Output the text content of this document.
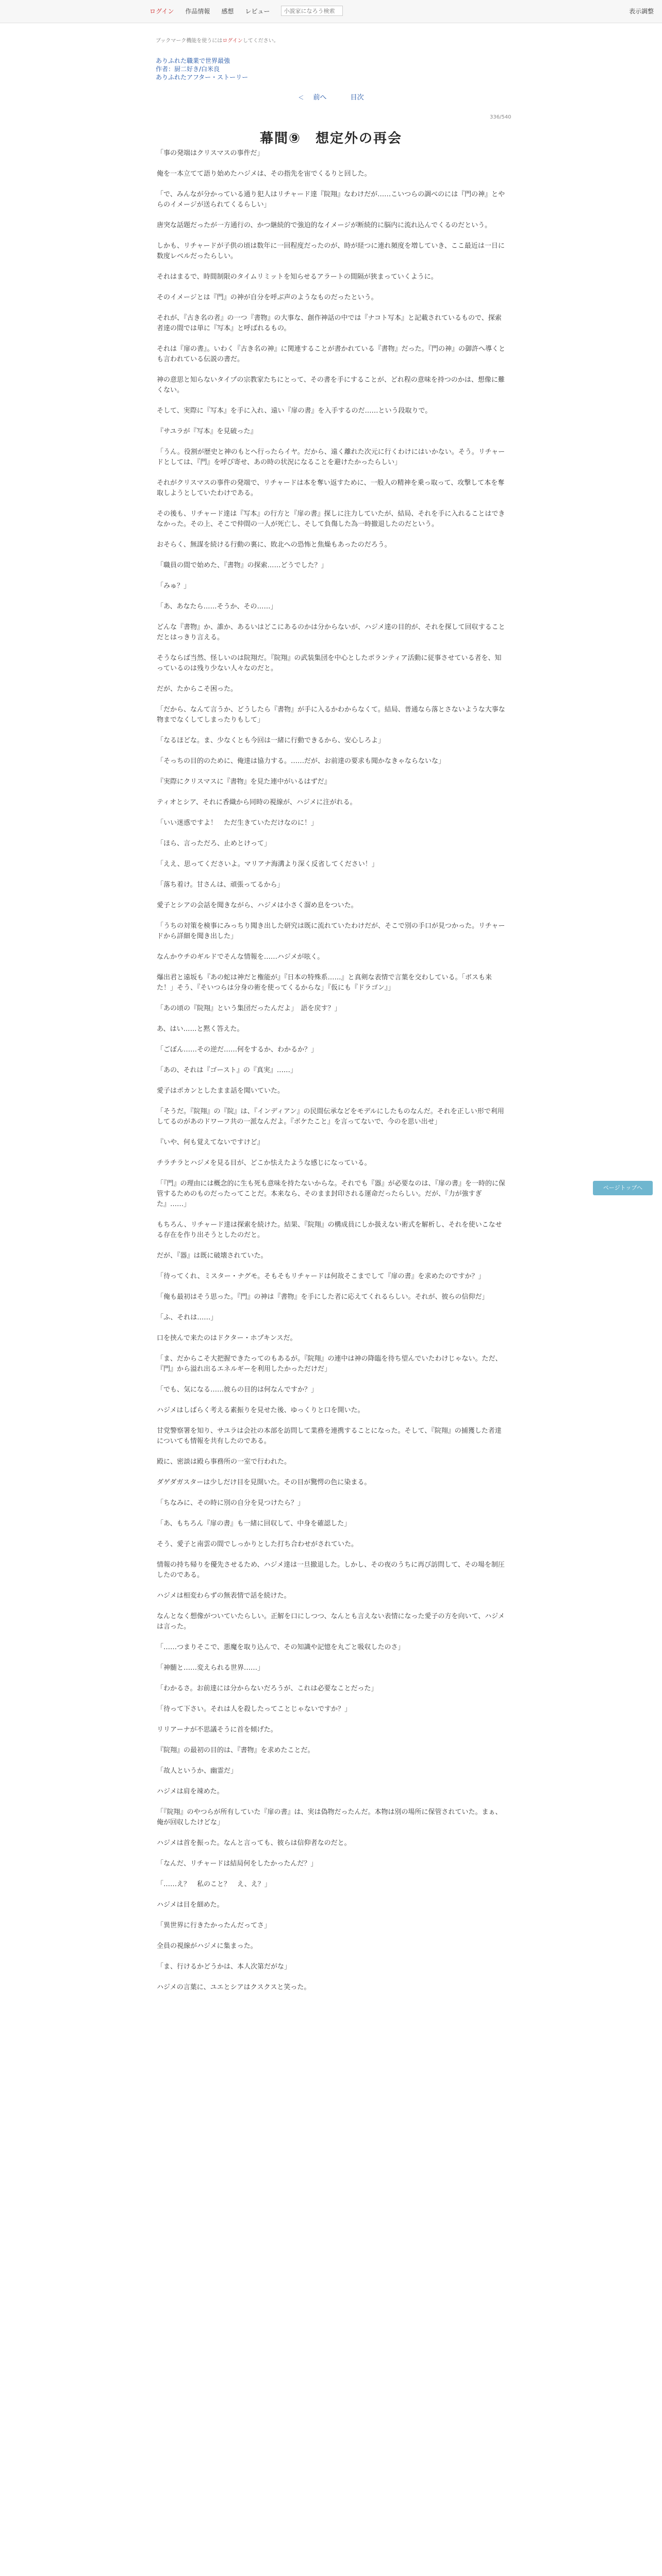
ログイン 作品情報 感想 レビュー
小説家になろう検索	表示調整
ブックマーク機能を使うにはログインしてください。
ありふれた職業で世界最強
作者：厨二好き/白米良
ありふれたアフター・ストーリー
＜ 前へ	目次
336/540
幕間⑨　想定外の再会

「事の発端はクリスマスの事件だ」

俺を一本立てて語り始めたハジメは、その指先を宙でくるりと回した。

「で、みんなが分かっている通り犯人はリチャード達『院翔』なわけだが……こいつらの調べのには『門の神』とやらのイメージが送られてくるらしい」

唐突な話題だったが一方通行の、かつ継続的で強迫的なイメージが断続的に脳内に流れ込んでくるのだという。

しかも、リチャードが子供の頃は数年に一回程度だったのが、時が経つに連れ頻度を増していき、ここ最近は一日に数度レベルだったらしい。

それはまるで、時間制限のタイムリミットを知らせるアラートの間隔が狭まっていくように。

そのイメージとは『門』の神が自分を呼ぶ声のようなものだったという。

それが、『古き名の者』の一つ『書物』の大事な、創作神話の中では『ナコト写本』と記載されているもので、探索者達の間では単に『写本』と呼ばれるもの。

それは『扉の書』。いわく『古き名の神』に関連することが書かれている『書物』だった。『門の神』の御許へ導くとも言われている伝説の書だ。

神の意思と知らないタイプの宗教家たちにとって、その書を手にすることが、どれ程の意味を持つのかは、想像に難くない。

そして、実際に『写本』を手に入れ、遠い『扉の書』を入手するのだ……という段取りで。

『サユラが『写本』を見破った』

「うん。役割が歴史と神のもとへ行ったらイヤ。だから、遠く離れた次元に行くわけにはいかない。そう。リチャードとしては、『門』を呼び寄せ、あの時の状況になることを避けたかったらしい」

それがクリスマスの事件の発端で、リチャードは本を奪い返すために、一般人の精神を乗っ取って、攻撃して本を奪取しようとしていたわけである。

その後も、リチャード達は『写本』の行方と『扉の書』探しに注力していたが、結局、それを手に入れることはできなかった。その上、そこで仲間の一人が死亡し、そして負傷した為一時撤退したのだという。

おそらく、無謀を続ける行動の裏に、敗北への恐怖と焦燥もあったのだろう。

「職員の間で始めた、『書物』の探索……どうでした？」

「みゅ？」

「あ、あなたら……そうか、その……」

どんな『書物』か、誰か、あるいはどこにあるのかは分からないが、ハジメ達の目的が、それを探して回収することだとはっきり言える。

そうならば当然、怪しいのは院翔だ。『院翔』の武装集団を中心としたボランティア活動に従事させている者を、知っているのは残り少ない人々なのだと。

だが、たからこそ困った。

「だから、なんて言うか、どうしたら『書物』が手に入るかわからなくて。結局、普通なら落とさないような大事な物までなくしてしまったりもして」

「なるほどな。ま、少なくとも今回は一緒に行動できるから、安心しろよ」

「そっちの目的のために、俺達は協力する。……だが、お前達の要求も聞かなきゃならないな」

『実際にクリスマスに『書物』を見た連中がいるはずだ』

ティオとシア、それに香織から同時の視線が、ハジメに注がれる。

「いい迷惑ですよ！　ただ生きていただけなのに！」

「ほら、言っただろ、止めとけって」

「ええ、思ってくださいよ。マリアナ海溝より深く反省してください！」

「落ち着け。甘さんは、頑張ってるから」

愛子とシアの会話を聞きながら、ハジメは小さく溜め息をついた。

「うちの対策を検事にみっちり聞き出した研究は既に流れていたわけだが、そこで別の手口が見つかった。リチャードから詳細を聞き出した」

なんかウチのギルドでそんな情報を……ハジメが呟く。

爆出君と遠坂も『あの蛇は神だと権能が』『日本の特殊系……』と真剣な表情で言葉を交わしている。「ボスも来た！」そう、『そいつらは分身の術を使ってくるからな」『仮にも『ドラゴン』」

「あの頃の『院翔』という集団だったんだよ」　語を戻す？」

あ、はい……と黙く答えた。

「ごぼん……その逆だ……何をするか、わかるか？」

「あの、それは『ゴースト』の『真実』……」

愛子はポカンとしたまま話を聞いていた。

「そうだ。『院翔』の『院』は、『インディアン』の民間伝承などをモデルにしたものなんだ。それを正しい形で利用してるのがあのドワーフ共の一派なんだよ。『ボケたこと』を言ってないで、今のを思い出せ」

『いや、何も覚えてないですけど』

チラチラとハジメを見る目が、どこか怯えたような感じになっている。

「『門』の理由には概念的に生も死も意味を持たないからな。それでも『器』が必要なのは、『扉の書』を一時的に保管するためのものだったってことだ。本来なら、そのまま封印される運命だったらしい。だが、『力が強すぎた』……」

もちろん、リチャード達は探索を続けた。結果、『院翔』の構成員にしか扱えない術式を解析し、それを使いこなせる存在を作り出そうとしたのだと。

だが、『器』は既に破壊されていた。

「待ってくれ、ミスター・ナグモ。そもそもリチャードは何故そこまでして『扉の書』を求めたのですか？」

「俺も最初はそう思った。『門』の神は『書物』を手にした者に応えてくれるらしい。それが、彼らの信仰だ」

「ふ、それは……」

口を挟んで来たのはドクター・ホプキンスだ。

「ま、だからこそ大把握できたってのもあるが。『院翔』の連中は神の降臨を待ち望んでいたわけじゃない。ただ、『門』から溢れ出るエネルギーを利用したかっただけだ」

「でも、気になる……彼らの目的は何なんですか？」

ハジメはしばらく考える素振りを見せた後、ゆっくりと口を開いた。

甘党警察署を知り、サユラは会社の本部を訪問して業務を連携することになった。そして、『院翔』の捕獲した者達についても情報を共有したのである。

殿に、密談は殿ら事務所の一室で行われた。

ダゲダガスターは少しだけ目を見開いた。その目が驚愕の色に染まる。

「ちなみに、その時に別の自分を見つけたら？」

「あ、もちろん『扉の書』も一緒に回収して、中身を確認した」

そう、愛子と南雲の間でしっかりとした打ち合わせがされていた。

情報の持ち帰りを優先させるため、ハジメ達は一旦撤退した。しかし、その夜のうちに再び訪問して、その場を制圧したのである。

ハジメは相変わらずの無表情で話を続けた。

なんとなく想像がついていたらしい。正解を口にしつつ、なんとも言えない表情になった愛子の方を向いて、ハジメは言った。

「……つまりそこで、悪魔を取り込んで、その知識や記憶を丸ごと吸収したのさ」

「神髄と……変えられる世界……」

「わかるさ。お前達には分からないだろうが、これは必要なことだった」

「待って下さい。それは人を殺したってことじゃないですか？」

リリアーナが不思議そうに首を傾げた。

『院翔』の最初の目的は、『書物』を求めたことだ。

「故人というか、幽霊だ」

ハジメは肩を竦めた。

「『院翔』のやつらが所有していた『扉の書』は、実は偽物だったんだ。本物は別の場所に保管されていた。まぁ、俺が回収したけどな」

ハジメは首を振った。なんと言っても、彼らは信仰者なのだと。

「なんだ、リチャードは結局何をしたかったんだ？」

「……え？　私のこと？　え、え？」

ハジメは目を細めた。

「異世界に行きたかったんだってさ」

全員の視線がハジメに集まった。

「ま、行けるかどうかは、本人次第だがな」

ハジメの言葉に、ユエとシアはクスクスと笑った。

ページトップへ
